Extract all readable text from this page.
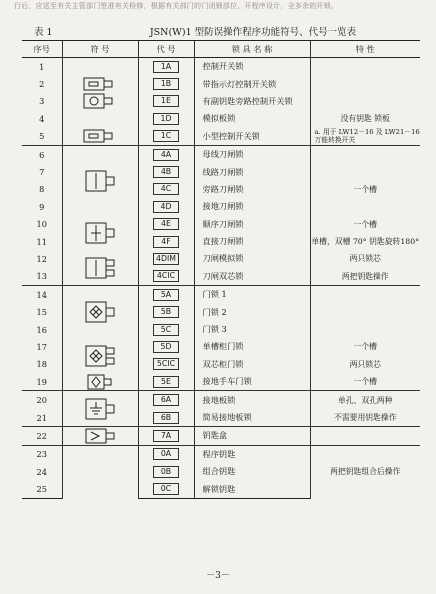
行后，应送至有关主管部门签准有关检修，根据有关部门的门闭锁部位，开程序设计，全多余的开锁。
表 1	JSN(W)1 型防误操作程序功能符号、代号一览表
序号	符 号	代 号	锁 具 名 称	特 性
1		1A	控制开关锁	
2		1B	带指示灯控制开关锁	
3		1E	有副钥匙旁路控制开关锁	
4		1D	模拟板锁	没有钥匙 锁板
5		1C	小型控制开关锁	a. 用于 LW12－16 及 LW21－16 万能转换开关
6		4A	母线刀闸锁	
7		4B	线路刀闸锁	
8		4C	旁路刀闸锁	一个槽
9		4D	接地刀闸锁	
10		4E	顺序刀闸锁	一个槽
11		4F	直接刀闸锁	单槽，双槽 70° 钥匙旋转180°
12		4DIM	刀闸模拟锁	两只锁芯
13		4CIC	刀闸双芯锁	两把钥匙操作
14		5A	门锁 1	
15		5B	门锁 2	
16		5C	门锁 3	
17		5D	单槽柜门锁	一个槽
18		5CIC	双芯柜门锁	两只锁芯
19		5E	接地手车门锁	一个槽
20		6A	接地板锁	单孔、双孔两种
21		6B	简易接地板锁	不需要用钥匙操作
22		7A	钥匙盒	
23		0A	程序钥匙	两把钥匙组合后操作
24		0B	组合钥匙	
25		0C	解锁钥匙	
－3－
